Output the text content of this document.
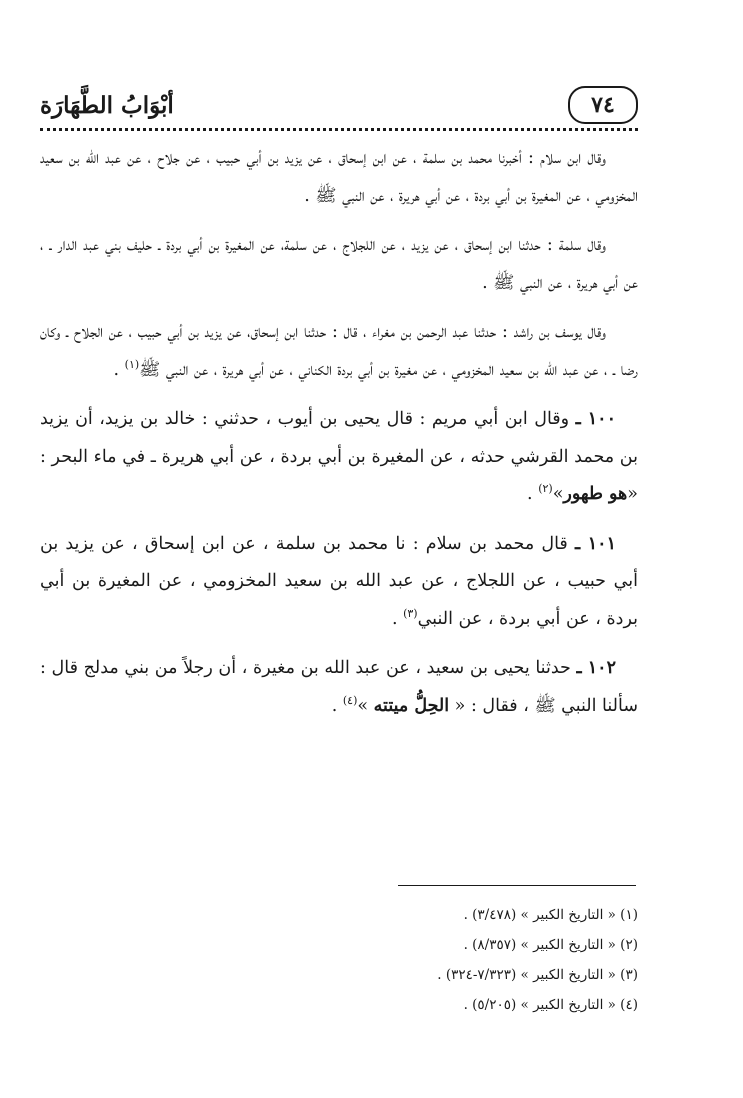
أبْوَابُ الطَّهَارَة	٧٤

وقال ابن سلام : أخبرنا محمد بن سلمة ، عن ابن إسحاق ، عن يزيد بن أبي حبيب ، عن جلاح ، عن عبد الله بن سعيد المخزومي ، عن المغيرة بن أبي بردة ، عن أبي هريرة ، عن النبي ﷺ .

وقال سلمة : حدثنا ابن إسحاق ، عن يزيد ، عن اللجلاج ، عن سلمة، عن المغيرة بن أبي بردة ـ حليف بني عبد الدار ـ ، عن أبي هريرة ، عن النبي ﷺ .

وقال يوسف بن راشد : حدثنا عبد الرحمن بن مغراء ، قال : حدثنا ابن إسحاق، عن يزيد بن أبي حبيب ، عن الجلاح ـ وكان رضا ـ ، عن عبد الله بن سعيد المخزومي ، عن مغيرة بن أبي بردة الكناني ، عن أبي هريرة ، عن النبي ﷺ$^{(١)}$ .

١٠٠ ـ وقال ابن أبي مريم : قال يحيى بن أيوب ، حدثني : خالد بن يزيد، أن يزيد بن محمد القرشي حدثه ، عن المغيرة بن أبي بردة ، عن أبي هريرة ـ في ماء البحر : «هو طهور»$^{(٢)}$ .

١٠١ ـ قال محمد بن سلام : نا محمد بن سلمة ، عن ابن إسحاق ، عن يزيد بن أبي حبيب ، عن اللجلاج ، عن عبد الله بن سعيد المخزومي ، عن المغيرة بن أبي بردة ، عن أبي بردة ، عن النبي$^{(٣)}$ .

١٠٢ ـ حدثنا يحيى بن سعيد ، عن عبد الله بن مغيرة ، أن رجلاً من بني مدلج قال : سألنا النبي ﷺ ، فقال : « الحِلُّ ميتته »$^{(٤)}$ .

(١) « التاريخ الكبير » (٣/٤٧٨) .

(٢) « التاريخ الكبير » (٨/٣٥٧) .

(٣) « التاريخ الكبير » (٧/٣٢٣-٣٢٤) .

(٤) « التاريخ الكبير » (٥/٢٠٥) .
